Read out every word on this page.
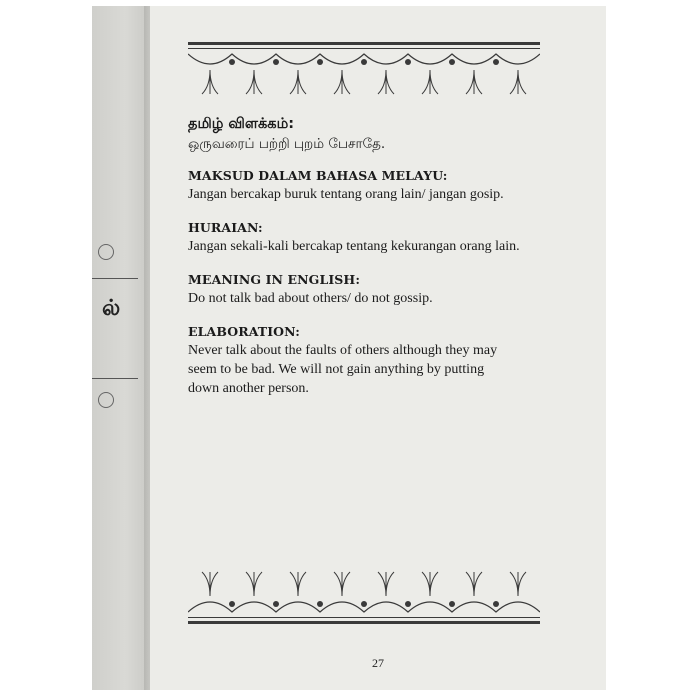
ல்
தமிழ் விளக்கம்:
ஒருவரைப் பற்றி புறம் பேசாதே.
MAKSUD DALAM BAHASA MELAYU:
Jangan bercakap buruk tentang orang lain/ jangan gosip.
HURAIAN:
Jangan sekali-kali bercakap tentang kekurangan orang lain.
MEANING IN ENGLISH:
Do not talk bad about others/ do not gossip.
ELABORATION:
Never talk about the faults of others although they may
seem to be bad. We will not gain anything by putting
down another person.
27
